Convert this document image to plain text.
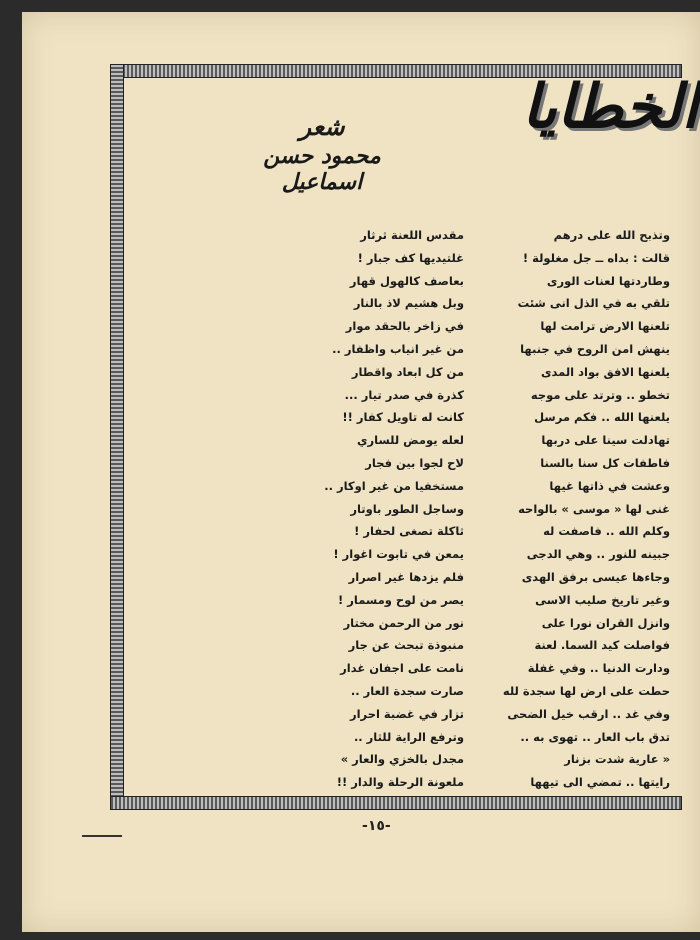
الخطايا
شعر
محمود حسن اسماعيل
وتذبح الله على درهم
قالت : بداه ــ جل مغلولة !
وطاردتها لعنات الورى
تلقي به في الذل انى شئت
تلعنها الارض ترامت لها
ينهش امن الروح في جنبها
يلعنها الافق بواد المدى
تخطو .. وترتد على موجه
يلعنها الله .. فكم مرسل
تهادلت سينا على دربها
فاطفات كل سنا بالسنا
وعشت في ذاتها غيها
غنى لها « موسى » بالواحه
وكلم الله .. فاصفت له
جبينه للنور .. وهي الدجى
وجاءها عيسى برفق الهدى
وغير تاريخ صليب الاسى
وانزل القران نورا على
فواصلت كيد السما. لعنة
ودارت الدنيا .. وفي غفلة
حطت على ارض لها سجدة لله
وفي غد .. ارقب خيل الضحى
تدق باب العار .. تهوى به ..
« عارية شدت بزنار
رايتها .. تمضي الى تيهها
مقدس اللعنة ثرثار
غلتيديها كف جبار !
بعاصف كالهول قهار
وبل هشيم لاذ بالنار
في زاخر بالحقد موار
من غير انياب واظفار ..
من كل ابعاد واقطار
كذرة في صدر تيار ...
كانت له تاويل كفار !!
لعله يومض للساري
لاح لجوا بين فجار
مستخفيا من غير اوكار ..
وساجل الطور باوتار
ثاكلة تصغى لحفار !
يمعن في تابوت اغوار !
فلم يزدها غير اصرار
يصر من لوح ومسمار !
نور من الرحمن مختار
منبوذة تبحث عن جار
نامت على اجفان غدار
صارت سجدة العار ..
تزار في غضبة احرار
وترفع الراية للثار ..
مجدل بالخزي والعار »
ملعونة الرحلة والدار !!
-١٥-
